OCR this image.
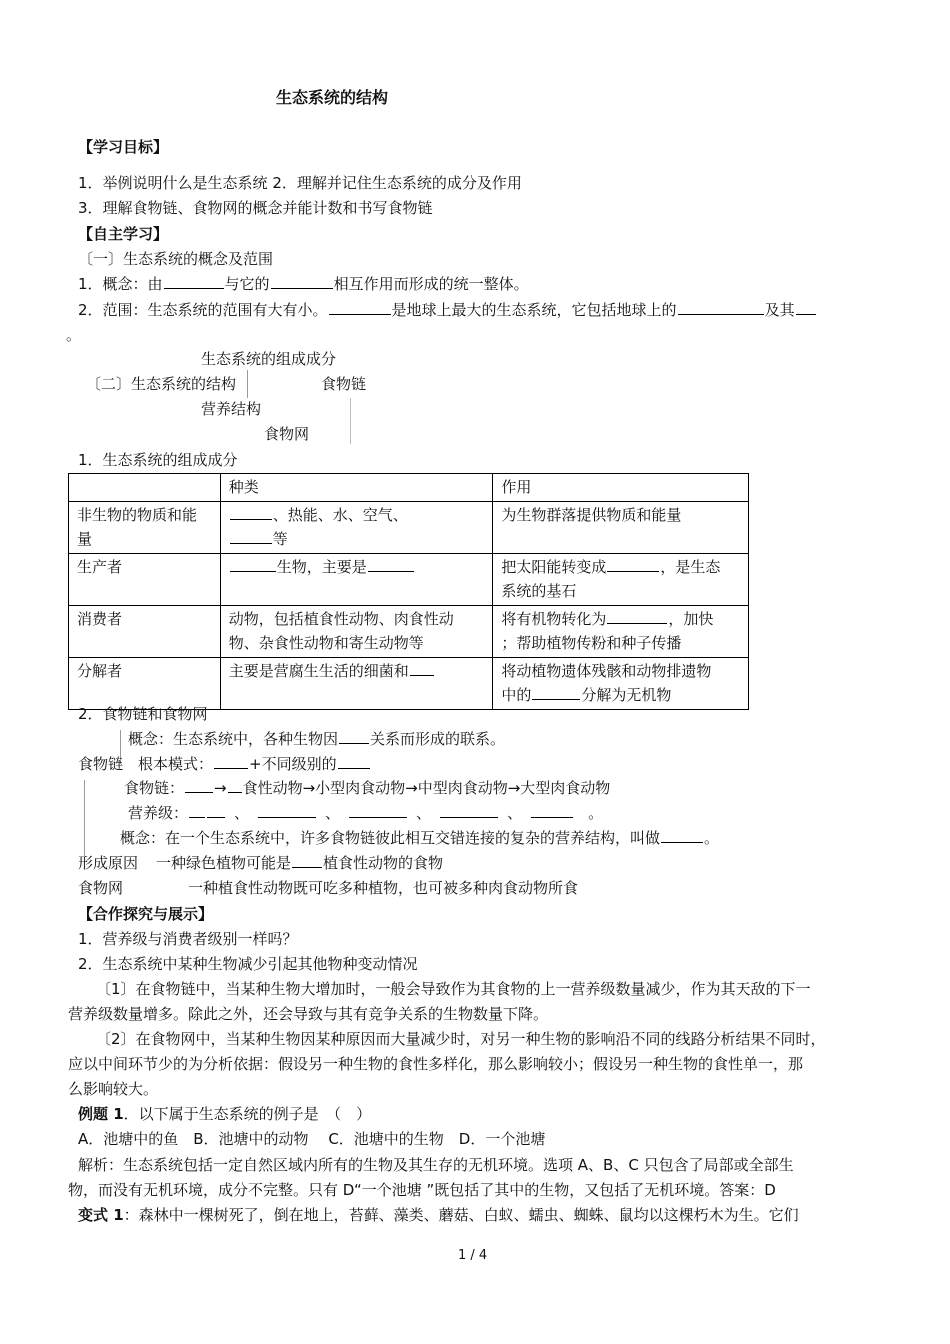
生态系统的结构
【学习目标】
1．举例说明什么是生态系统 2．理解并记住生态系统的成分及作用
3．理解食物链、食物网的概念并能计数和书写食物链
【自主学习】
〔一〕生态系统的概念及范围
1．概念：由	与它的	相互作用而形成的统一整体。
2．范围：生态系统的范围有大有小。	是地球上最大的生态系统，它包括地球上的	及其
。
生态系统的组成成分
〔二〕生态系统的结构	食物链
营养结构
食物网
1．生态系统的组成成分
	种类	作用
非生物的物质和能
量	、热能、水、空气、
等	为生物群落提供物质和能量
生产者	生物，主要是	把太阳能转变成 ，是生态
系统的基石
消费者	动物，包括植食性动物、肉食性动
物、杂食性动物和寄生动物等	将有机物转化为 ，加快
；帮助植物传粉和种子传播
分解者	主要是营腐生生活的细菌和	将动植物遗体残骸和动物排遗物
中的 分解为无机物
2．食物链和食物网
概念：生态系统中，各种生物因 关系而形成的联系。
食物链 根本模式： +不同级别的
食物链： → 食性动物→小型肉食动物→中型肉食动物→大型肉食动物
营养级：	、	、	、	、	。
概念：在一个生态系统中，许多食物链彼此相互交错连接的复杂的营养结构，叫做	。
形成原因 一种绿色植物可能是 植食性动物的食物
食物网	一种植食性动物既可吃多种植物，也可被多种肉食动物所食
【合作探究与展示】
1．营养级与消费者级别一样吗？
2．生态系统中某种生物减少引起其他物种变动情况
〔1〕在食物链中，当某种生物大增加时，一般会导致作为其食物的上一营养级数量减少，作为其天敌的下一
营养级数量增多。除此之外，还会导致与其有竞争关系的生物数量下降。
〔2〕在食物网中，当某种生物因某种原因而大量减少时，对另一种生物的影响沿不同的线路分析结果不同时，
应以中间环节少的为分析依据：假设另一种生物的食性多样化，那么影响较小；假设另一种生物的食性单一，那
么影响较大。
例题 1．以下属于生态系统的例子是　（　）
A．池塘中的鱼　B．池塘中的动物　 C．池塘中的生物　D．一个池塘
解析：生态系统包括一定自然区域内所有的生物及其生存的无机环境。选项 A、B、C 只包含了局部或全部生
物，而没有无机环境，成分不完整。只有 D“一个池塘 ”既包括了其中的生物，又包括了无机环境。答案：D
变式 1：森林中一棵树死了，倒在地上，苔藓、藻类、蘑菇、白蚁、蠕虫、蜘蛛、鼠均以这棵朽木为生。它们
1 / 4
